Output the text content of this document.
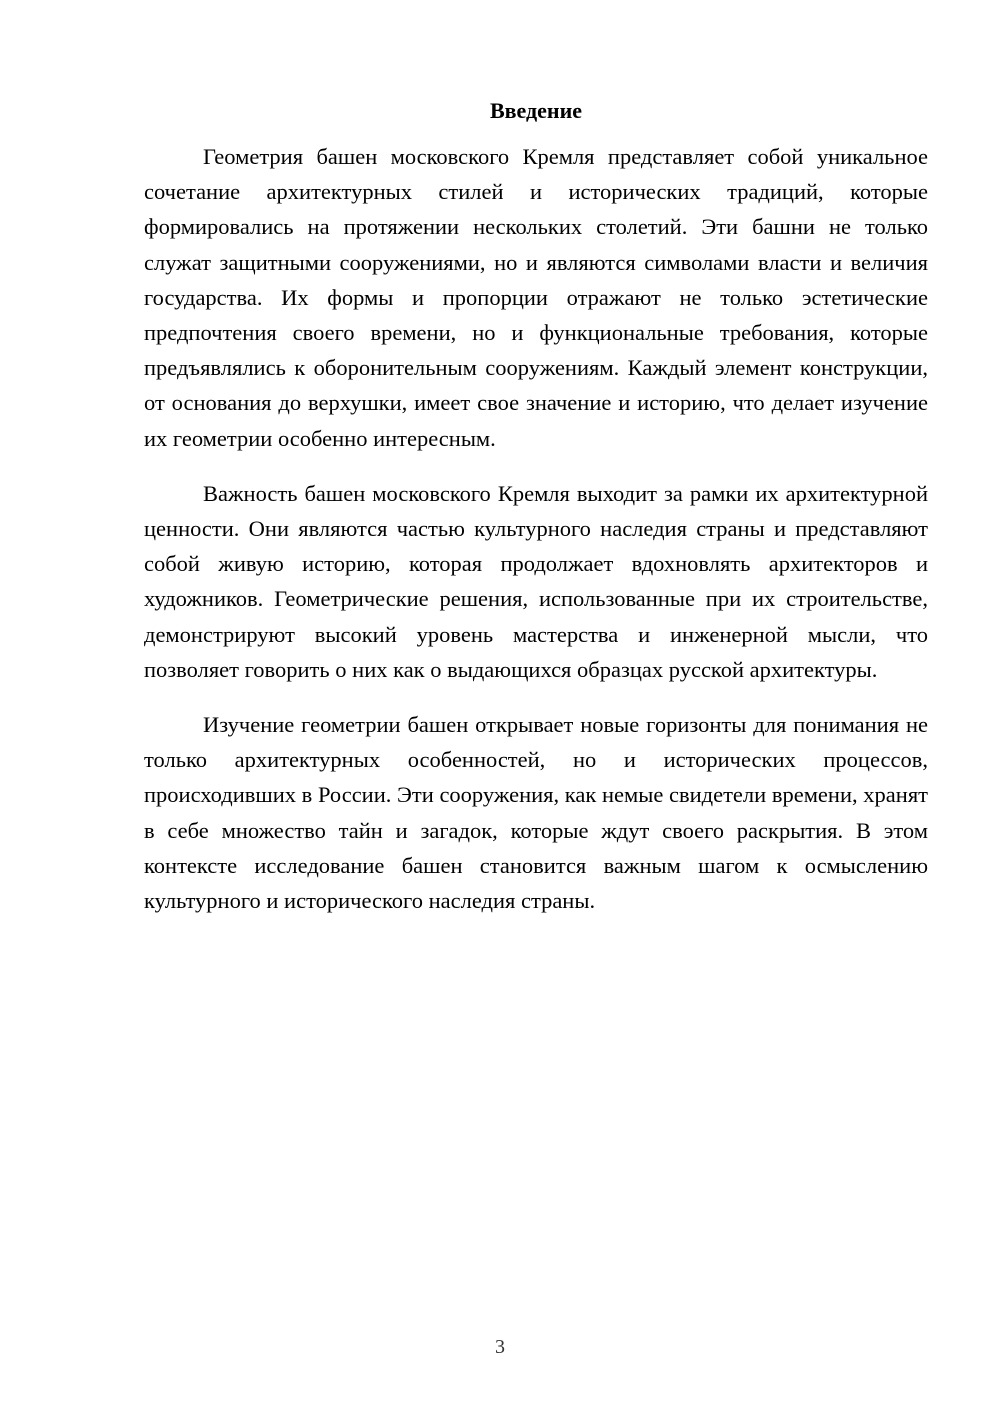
Введение

Геометрия башен московского Кремля представляет собой уникальное сочетание архитектурных стилей и исторических традиций, которые формировались на протяжении нескольких столетий. Эти башни не только служат защитными сооружениями, но и являются символами власти и величия государства. Их формы и пропорции отражают не только эстетические предпочтения своего времени, но и функциональные требования, которые предъявлялись к оборонительным сооружениям. Каждый элемент конструкции, от основания до верхушки, имеет свое значение и историю, что делает изучение их геометрии особенно интересным.

Важность башен московского Кремля выходит за рамки их архитектурной ценности. Они являются частью культурного наследия страны и представляют собой живую историю, которая продолжает вдохновлять архитекторов и художников. Геометрические решения, использованные при их строительстве, демонстрируют высокий уровень мастерства и инженерной мысли, что позволяет говорить о них как о выдающихся образцах русской архитектуры.

Изучение геометрии башен открывает новые горизонты для понимания не только архитектурных особенностей, но и исторических процессов, происходивших в России. Эти сооружения, как немые свидетели времени, хранят в себе множество тайн и загадок, которые ждут своего раскрытия. В этом контексте исследование башен становится важным шагом к осмыслению культурного и исторического наследия страны.

3
